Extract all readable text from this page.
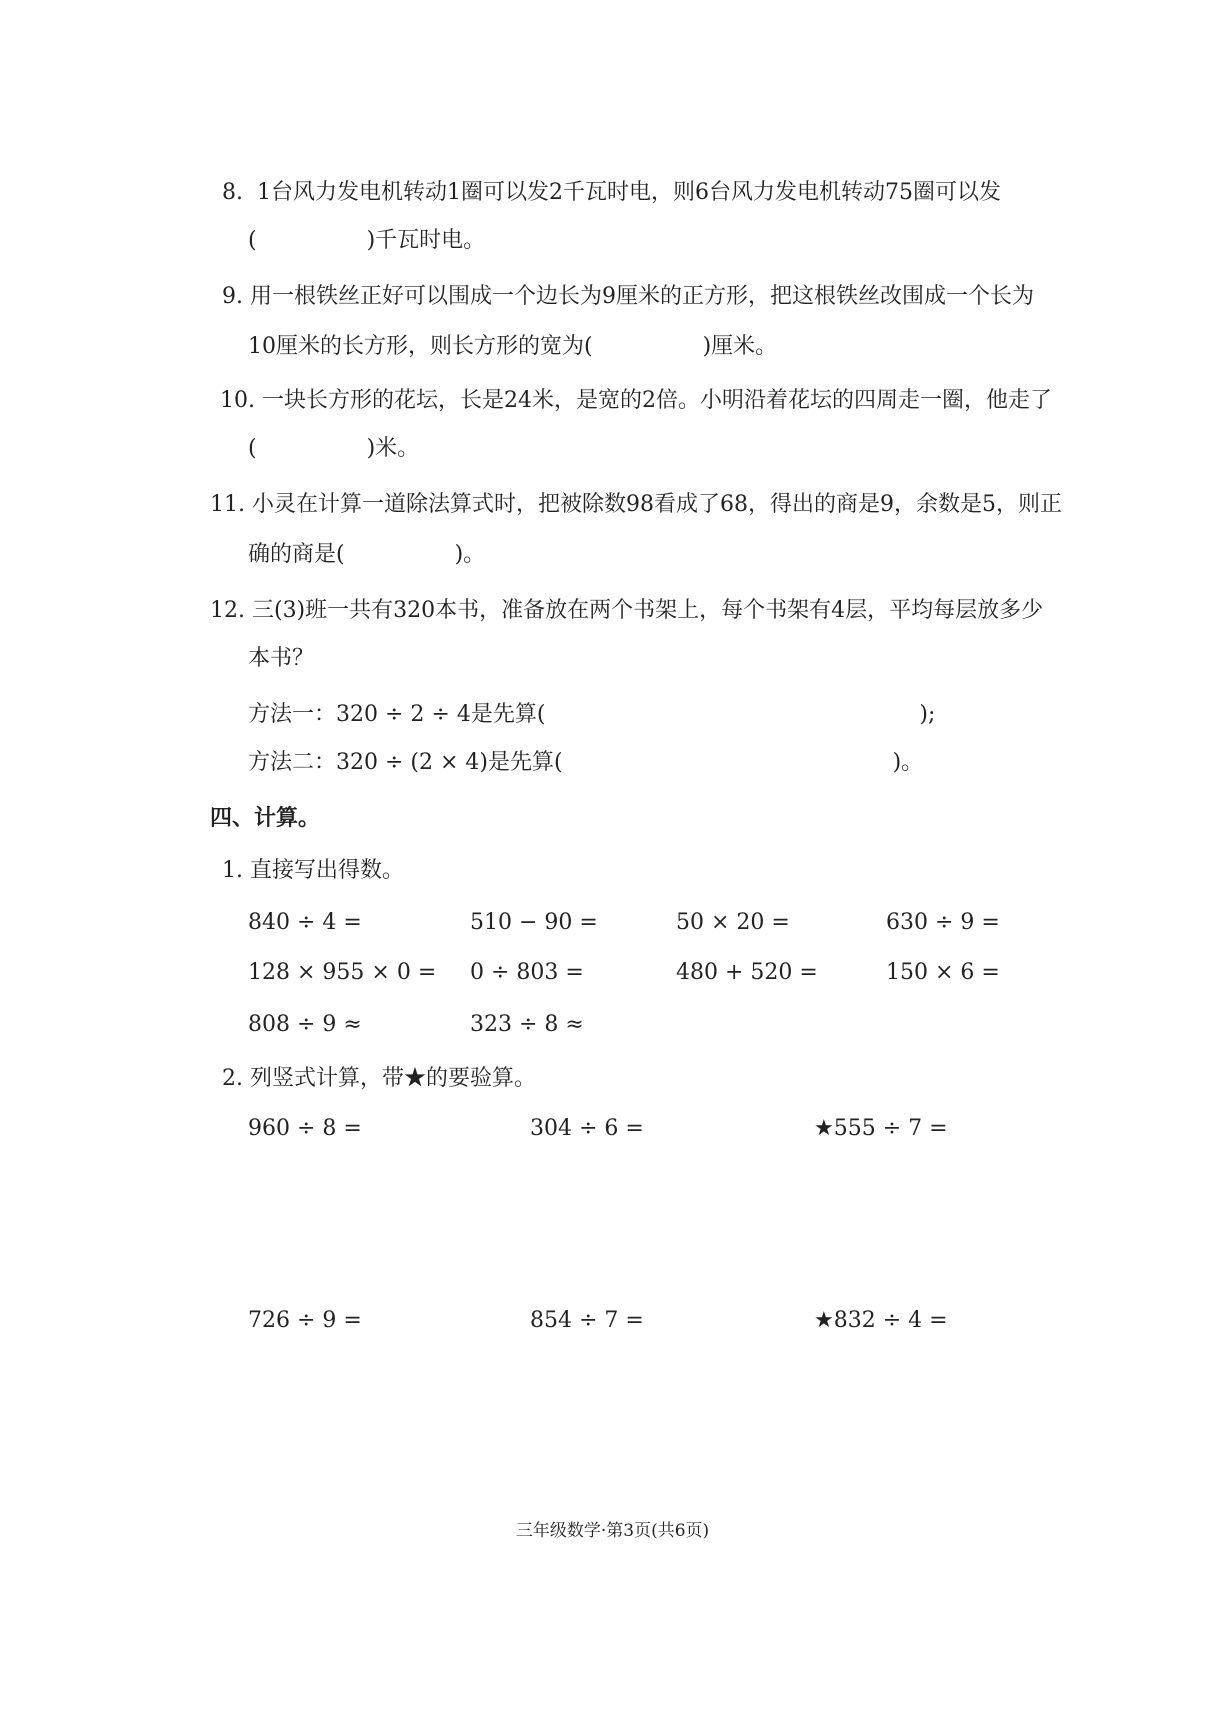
8.  1台风力发电机转动1圈可以发2千瓦时电，则6台风力发电机转动75圈可以发
(　　　　　)千瓦时电。
9. 用一根铁丝正好可以围成一个边长为9厘米的正方形，把这根铁丝改围成一个长为
10厘米的长方形，则长方形的宽为(　　　　　)厘米。
10. 一块长方形的花坛，长是24米，是宽的2倍。小明沿着花坛的四周走一圈，他走了
(　　　　　)米。
11. 小灵在计算一道除法算式时，把被除数98看成了68，得出的商是9，余数是5，则正
确的商是(　　　　　)。
12. 三(3)班一共有320本书，准备放在两个书架上，每个书架有4层，平均每层放多少
本书？
方法一：320 ÷ 2 ÷ 4是先算(　　　　　　　　　　　　　　　　　);
方法二：320 ÷ (2 × 4)是先算(　　　　　　　　　　　　　　　)。
四、计算。
1. 直接写出得数。
840 ÷ 4 =	510 − 90 =	50 × 20 =	630 ÷ 9 =
128 × 955 × 0 = 0 ÷ 803 =	480 + 520 =	150 × 6 =
808 ÷ 9 ≈	323 ÷ 8 ≈
2. 列竖式计算，带★的要验算。
960 ÷ 8 =	304 ÷ 6 =	★555 ÷ 7 =
726 ÷ 9 =	854 ÷ 7 =	★832 ÷ 4 =
三年级数学·第3页(共6页)
